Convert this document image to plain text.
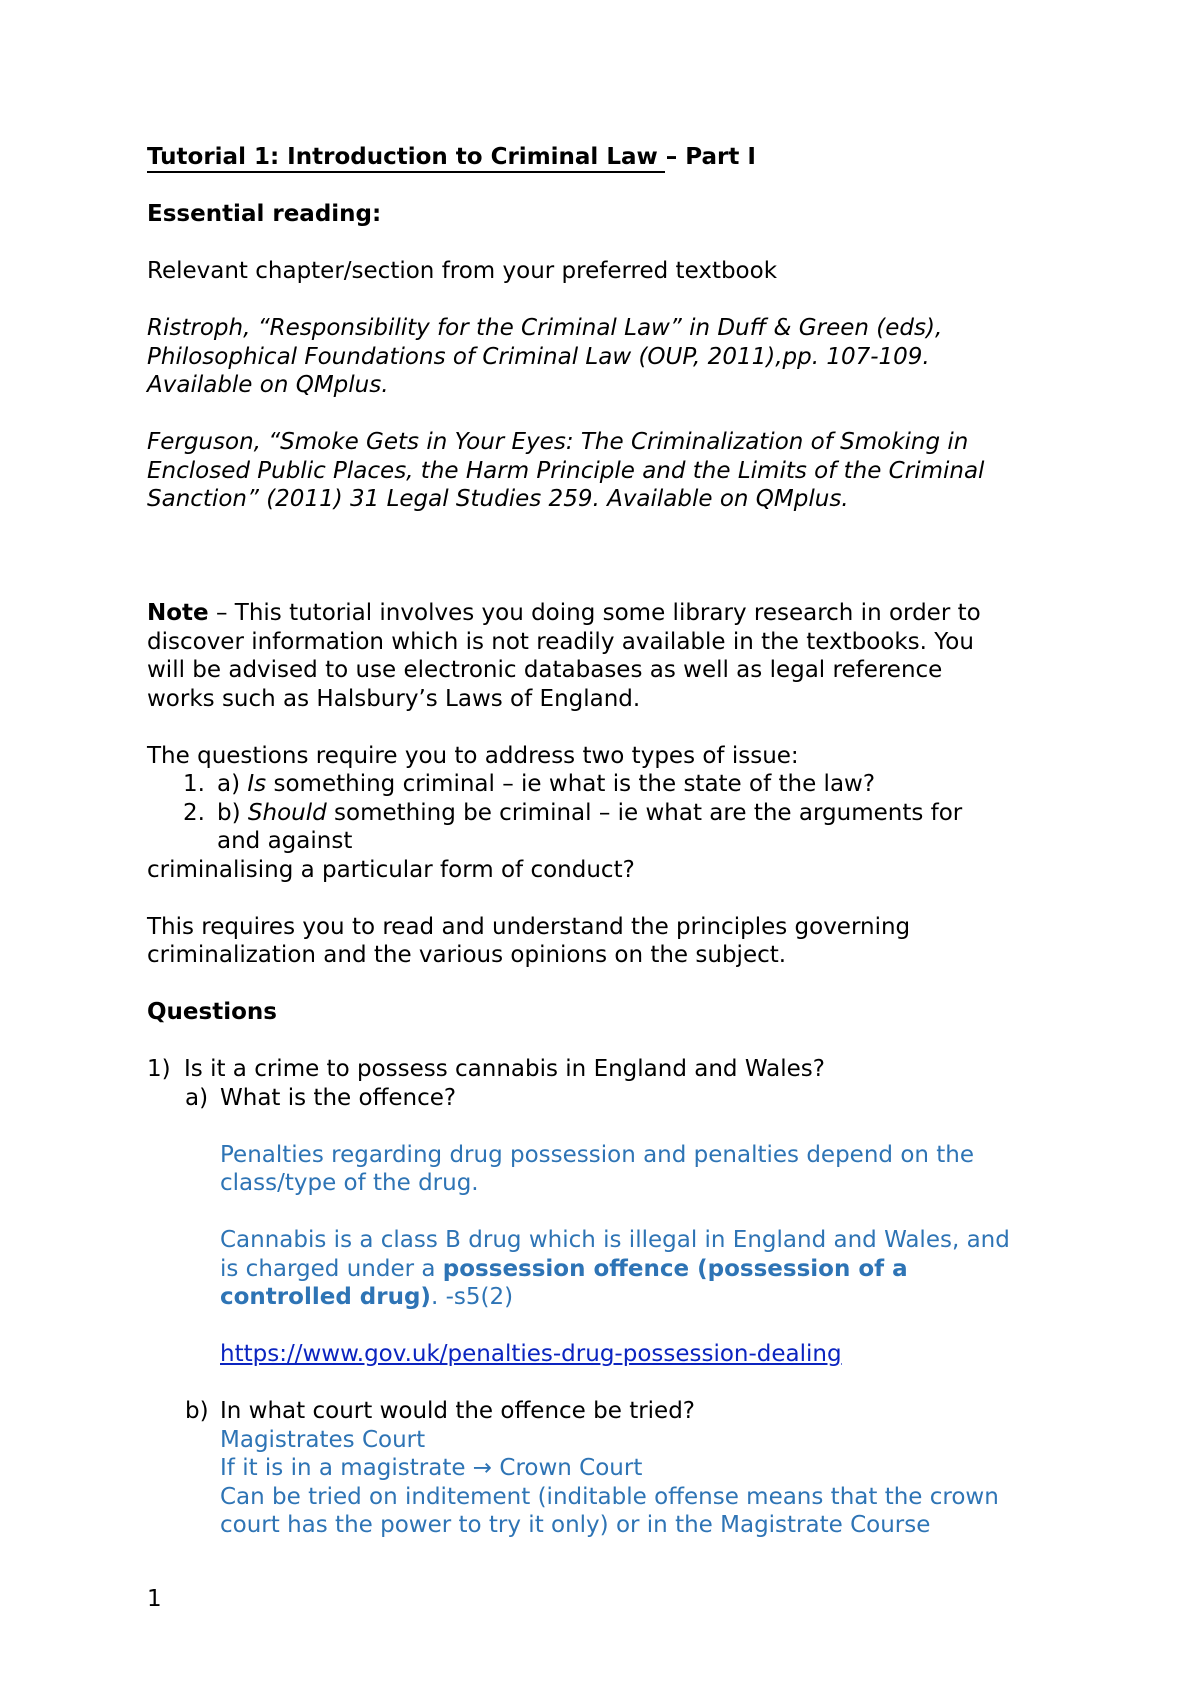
Tutorial 1: Introduction to Criminal Law – Part I

Essential reading:

Relevant chapter/section from your preferred textbook

Ristroph, “Responsibility for the Criminal Law” in Duff & Green (eds),

Philosophical Foundations of Criminal Law (OUP, 2011),pp. 107-109.

Available on QMplus.

Ferguson, “Smoke Gets in Your Eyes: The Criminalization of Smoking in

Enclosed Public Places, the Harm Principle and the Limits of the Criminal

Sanction” (2011) 31 Legal Studies 259. Available on QMplus.

Note – This tutorial involves you doing some library research in order to

discover information which is not readily available in the textbooks. You

will be advised to use electronic databases as well as legal reference

works such as Halsbury’s Laws of England.

The questions require you to address two types of issue:

1. a) Is something criminal – ie what is the state of the law?
2. b) Should something be criminal – ie what are the arguments for

and against

criminalising a particular form of conduct?

This requires you to read and understand the principles governing

criminalization and the various opinions on the subject.

Questions

1) Is it a crime to possess cannabis in England and Wales?
a) What is the offence?

Penalties regarding drug possession and penalties depend on the

class/type of the drug.

Cannabis is a class B drug which is illegal in England and Wales, and

is charged under a possession offence (possession of a

controlled drug). -s5(2)

https://www.gov.uk/penalties-drug-possession-dealing
b) In what court would the offence be tried?

Magistrates Court

If it is in a magistrate → Crown Court

Can be tried on inditement (inditable offense means that the crown

court has the power to try it only) or in the Magistrate Course

1
